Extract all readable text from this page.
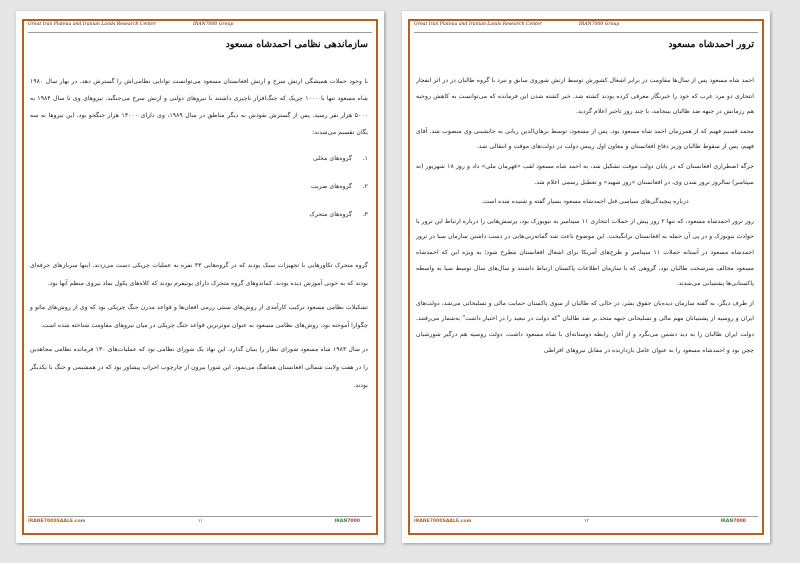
Great Iran Plateau and Iranian Lands Research Center	IRAN7000 Group
سازماندهی نظامی احمدشاه مسعود

با وجود حملات همیشگی ارتش سرخ و ارتش افغانستان مسعود می‌توانست توانایی نظامی‌اش را گسترش دهد. در بهار سال ۱۹۸۰ شاه مسعود تنها با ۱۰۰۰ چریک که جنگ‌افزار ناچیزی داشتند با نیروهای دولتی و ارتش سرخ می‌جنگید. نیروهای وی تا سال ۱۹۸۴ به ۵۰۰۰ هزار نفر رسید. پس از گسترش نفوذش به دیگر مناطق در سال ۱۹۸۹، وی دارای ۱۳۰۰۰ هزار جنگجو بود. این نیروها به سه یگان تقسیم می‌شدند:

۱.گروه‌های محلی
۲.گروه‌های ضربت
۳.گروه‌های متحرک

گروه متحرک تکاورهایی با تجهیزات سبک بودند که در گروه‌هایی ۳۳ نفره به عملیات چریکی دست می‌زدند. اینها سربازهای حرفه‌ای بودند که به خوبی آموزش دیده بودند. کماندوهای گروه متحرک دارای یونیفرم بودند که کلاه‌های پکول نماد نیروی منظم آنها بود.

تشکیلات نظامی مسعود ترکیب کارآمدی از روش‌های سنتی رزمی افغان‌ها و قواعد مدرن جنگ چریکی بود که وی از روش‌های مائو و چگوارا آموخته بود. روش‌های نظامی مسعود به عنوان موثرترین قواعد جنگ چریکی در میان نیروهای مقاومت شناخته شده است.

در سال ۱۹۸۳ شاه مسعود شورای نظار را بنیان گذارد. این نهاد یک شورای نظامی بود که عملیات‌های ۱۳۰ فرمانده نظامی مجاهدین را در هفت ولایت شمالی افغانستان هماهنگ می‌نمود. این شورا بیرون از چارچوب احزاب پیشاور بود که در همشیمی و جنگ با یکدیگر بودند.

IRANE7000SAALE.com	۱۱	IRAN7000
Great Iran Plateau and Iranian Lands Research Center	IRAN7000 Group
ترور احمدشاه مسعود

احمد شاه مسعود پس از سال‌ها مقاومت در برابر اشغال کشورش توسط ارتش شوروی سابق و نبرد با گروه طالبان در در اثر انفجار انتحاری دو مرد عرب که خود را خبرنگار معرفی کرده بودند کشته شد. خبر کشته شدن این فرمانده که می‌توانست به کاهش روحیه هم رزمانش در جبهه ضد طالبان بینجامد، با چند روز تاخیر اعلام گردید.

محمد قسیم فهیم که از همرزمان احمد شاه مسعود بود، پس از مسعود، توسط برهان‌الدین ربانی به جانشینی وی منصوب شد. آقای فهیم، پس از سقوط طالبان وزیر دفاع افغانستان و معاون اول رییس دولت در دولت‌های موقت و انتقالی شد.

جرگه اضطراری افغانستان که در پایان دولت موقت تشکیل شد، به احمد شاه مسعود لقب «قهرمان ملی» داد و روز ۱۸ شهریور (نه سپتامبر) سالروز ترور شدن وی، در افغانستان «روز شهید» و تعطیل رسمی اعلام شد.

درباره پیچیدگی‌های سیاسی قتل احمدشاه مسعود بسیار گفته و شنیده شده است.

روز ترور احمدشاه مسعود، که تنها ۲ روز پیش از حملات انتحاری ۱۱ سپتامبر به نیویورک بود، پرسش‌هایی را درباره ارتباط این ترور با حوادث نیویورک و در پی آن حمله به افغانستان برانگیخت. این موضوع باعث شد گمانه‌زنی‌هایی در دست داشتن سازمان سیا در ترور احمدشاه مسعود در آستانه حملات ۱۱ سپتامبر و طرح‌های آمریکا برای اشغال افغانستان مطرح شود؛ به ویژه این که احمدشاه مسعود مخالف سرسخت طالبان بود، گروهی که با سازمان اطلاعات پاکستان ارتباط داشتند و سال‌های سال توسط سیا به واسطه پاکستانی‌ها پشتیبانی می‌شدند.

از طرف دیگر، به گفته سازمان دیده‌بان حقوق بشر، در حالی که طالبان از سوی پاکستان حمایت مالی و تسلیحاتی می‌شد، دولت‌های ایران و روسیه از پشتیبانان مهم مالی و تسلیحاتی جبهه متحد بر ضد طالبان "که دولت در تبعید را در اختیار داشت" به‌شمار می‌رفتند. دولت ایران طالبان را به دید دشمن می‌نگرد و از آغاز، رابطه دوستانه‌ای با شاه مسعود داشت. دولت روسیه هم درگیر شورشیان چچن بود و احمدشاه مسعود را به عنوان عامل بازدارنده در مقابل نیروهای افراطی

IRANE7000SAALE.com	۱۲	IRAN7000
